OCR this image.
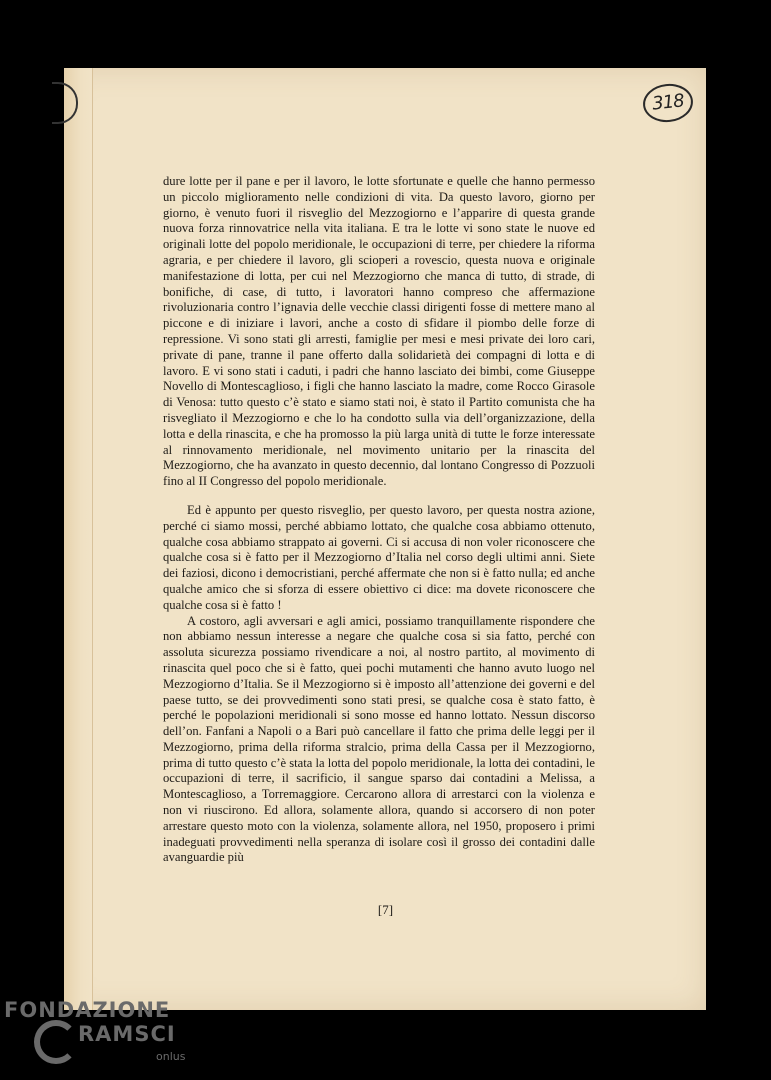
318

dure lotte per il pane e per il lavoro, le lotte sfortunate e quelle che hanno permesso un piccolo miglioramento nelle condizioni di vita. Da questo lavoro, giorno per giorno, è venuto fuori il risveglio del Mezzogiorno e l’apparire di questa grande nuova forza rinnovatrice nella vita italiana. E tra le lotte vi sono state le nuove ed originali lotte del popolo meridionale, le occupazioni di terre, per chiedere la riforma agraria, e per chiedere il lavoro, gli scioperi a rovescio, questa nuova e originale manifestazione di lotta, per cui nel Mezzogiorno che manca di tutto, di strade, di bonifiche, di case, di tutto, i lavoratori hanno compreso che affermazione rivoluzionaria contro l’ignavia delle vecchie classi dirigenti fosse di mettere mano al piccone e di iniziare i lavori, anche a costo di sfidare il piombo delle forze di repressione. Vi sono stati gli arresti, famiglie per mesi e mesi private dei loro cari, private di pane, tranne il pane offerto dalla solidarietà dei compagni di lotta e di lavoro. E vi sono stati i caduti, i padri che hanno lasciato dei bimbi, come Giuseppe Novello di Montescaglioso, i figli che hanno lasciato la madre, come Rocco Girasole di Venosa: tutto questo c’è stato e siamo stati noi, è stato il Partito comunista che ha risvegliato il Mezzogiorno e che lo ha condotto sulla via dell’organizzazione, della lotta e della rinascita, e che ha promosso la più larga unità di tutte le forze interessate al rinnovamento meridionale, nel movimento unitario per la rinascita del Mezzogiorno, che ha avanzato in questo decennio, dal lontano Congresso di Pozzuoli fino al II Congresso del popolo meridionale.

Ed è appunto per questo risveglio, per questo lavoro, per questa nostra azione, perché ci siamo mossi, perché abbiamo lottato, che qualche cosa abbiamo ottenuto, qualche cosa abbiamo strappato ai governi. Ci si accusa di non voler riconoscere che qualche cosa si è fatto per il Mezzogiorno d’Italia nel corso degli ultimi anni. Siete dei faziosi, dicono i democristiani, perché affermate che non si è fatto nulla; ed anche qualche amico che si sforza di essere obiettivo ci dice: ma dovete riconoscere che qualche cosa si è fatto !

A costoro, agli avversari e agli amici, possiamo tranquillamente rispondere che non abbiamo nessun interesse a negare che qualche cosa si sia fatto, perché con assoluta sicurezza possiamo rivendicare a noi, al nostro partito, al movimento di rinascita quel poco che si è fatto, quei pochi mutamenti che hanno avuto luogo nel Mezzogiorno d’Italia. Se il Mezzogiorno si è imposto all’attenzione dei governi e del paese tutto, se dei provvedimenti sono stati presi, se qualche cosa è stato fatto, è perché le popolazioni meridionali si sono mosse ed hanno lottato. Nessun discorso dell’on. Fanfani a Napoli o a Bari può cancellare il fatto che prima delle leggi per il Mezzogiorno, prima della riforma stralcio, prima della Cassa per il Mezzogiorno, prima di tutto questo c’è stata la lotta del popolo meridionale, la lotta dei contadini, le occupazioni di terre, il sacrificio, il sangue sparso dai contadini a Melissa, a Montescaglioso, a Torremaggiore. Cercarono allora di arrestarci con la violenza e non vi riuscirono. Ed allora, solamente allora, quando si accorsero di non poter arrestare questo moto con la violenza, solamente allora, nel 1950, proposero i primi inadeguati provvedimenti nella speranza di isolare così il grosso dei contadini dalle avanguardie più

[7]
FONDAZIONE
RAMSCI
onlus
